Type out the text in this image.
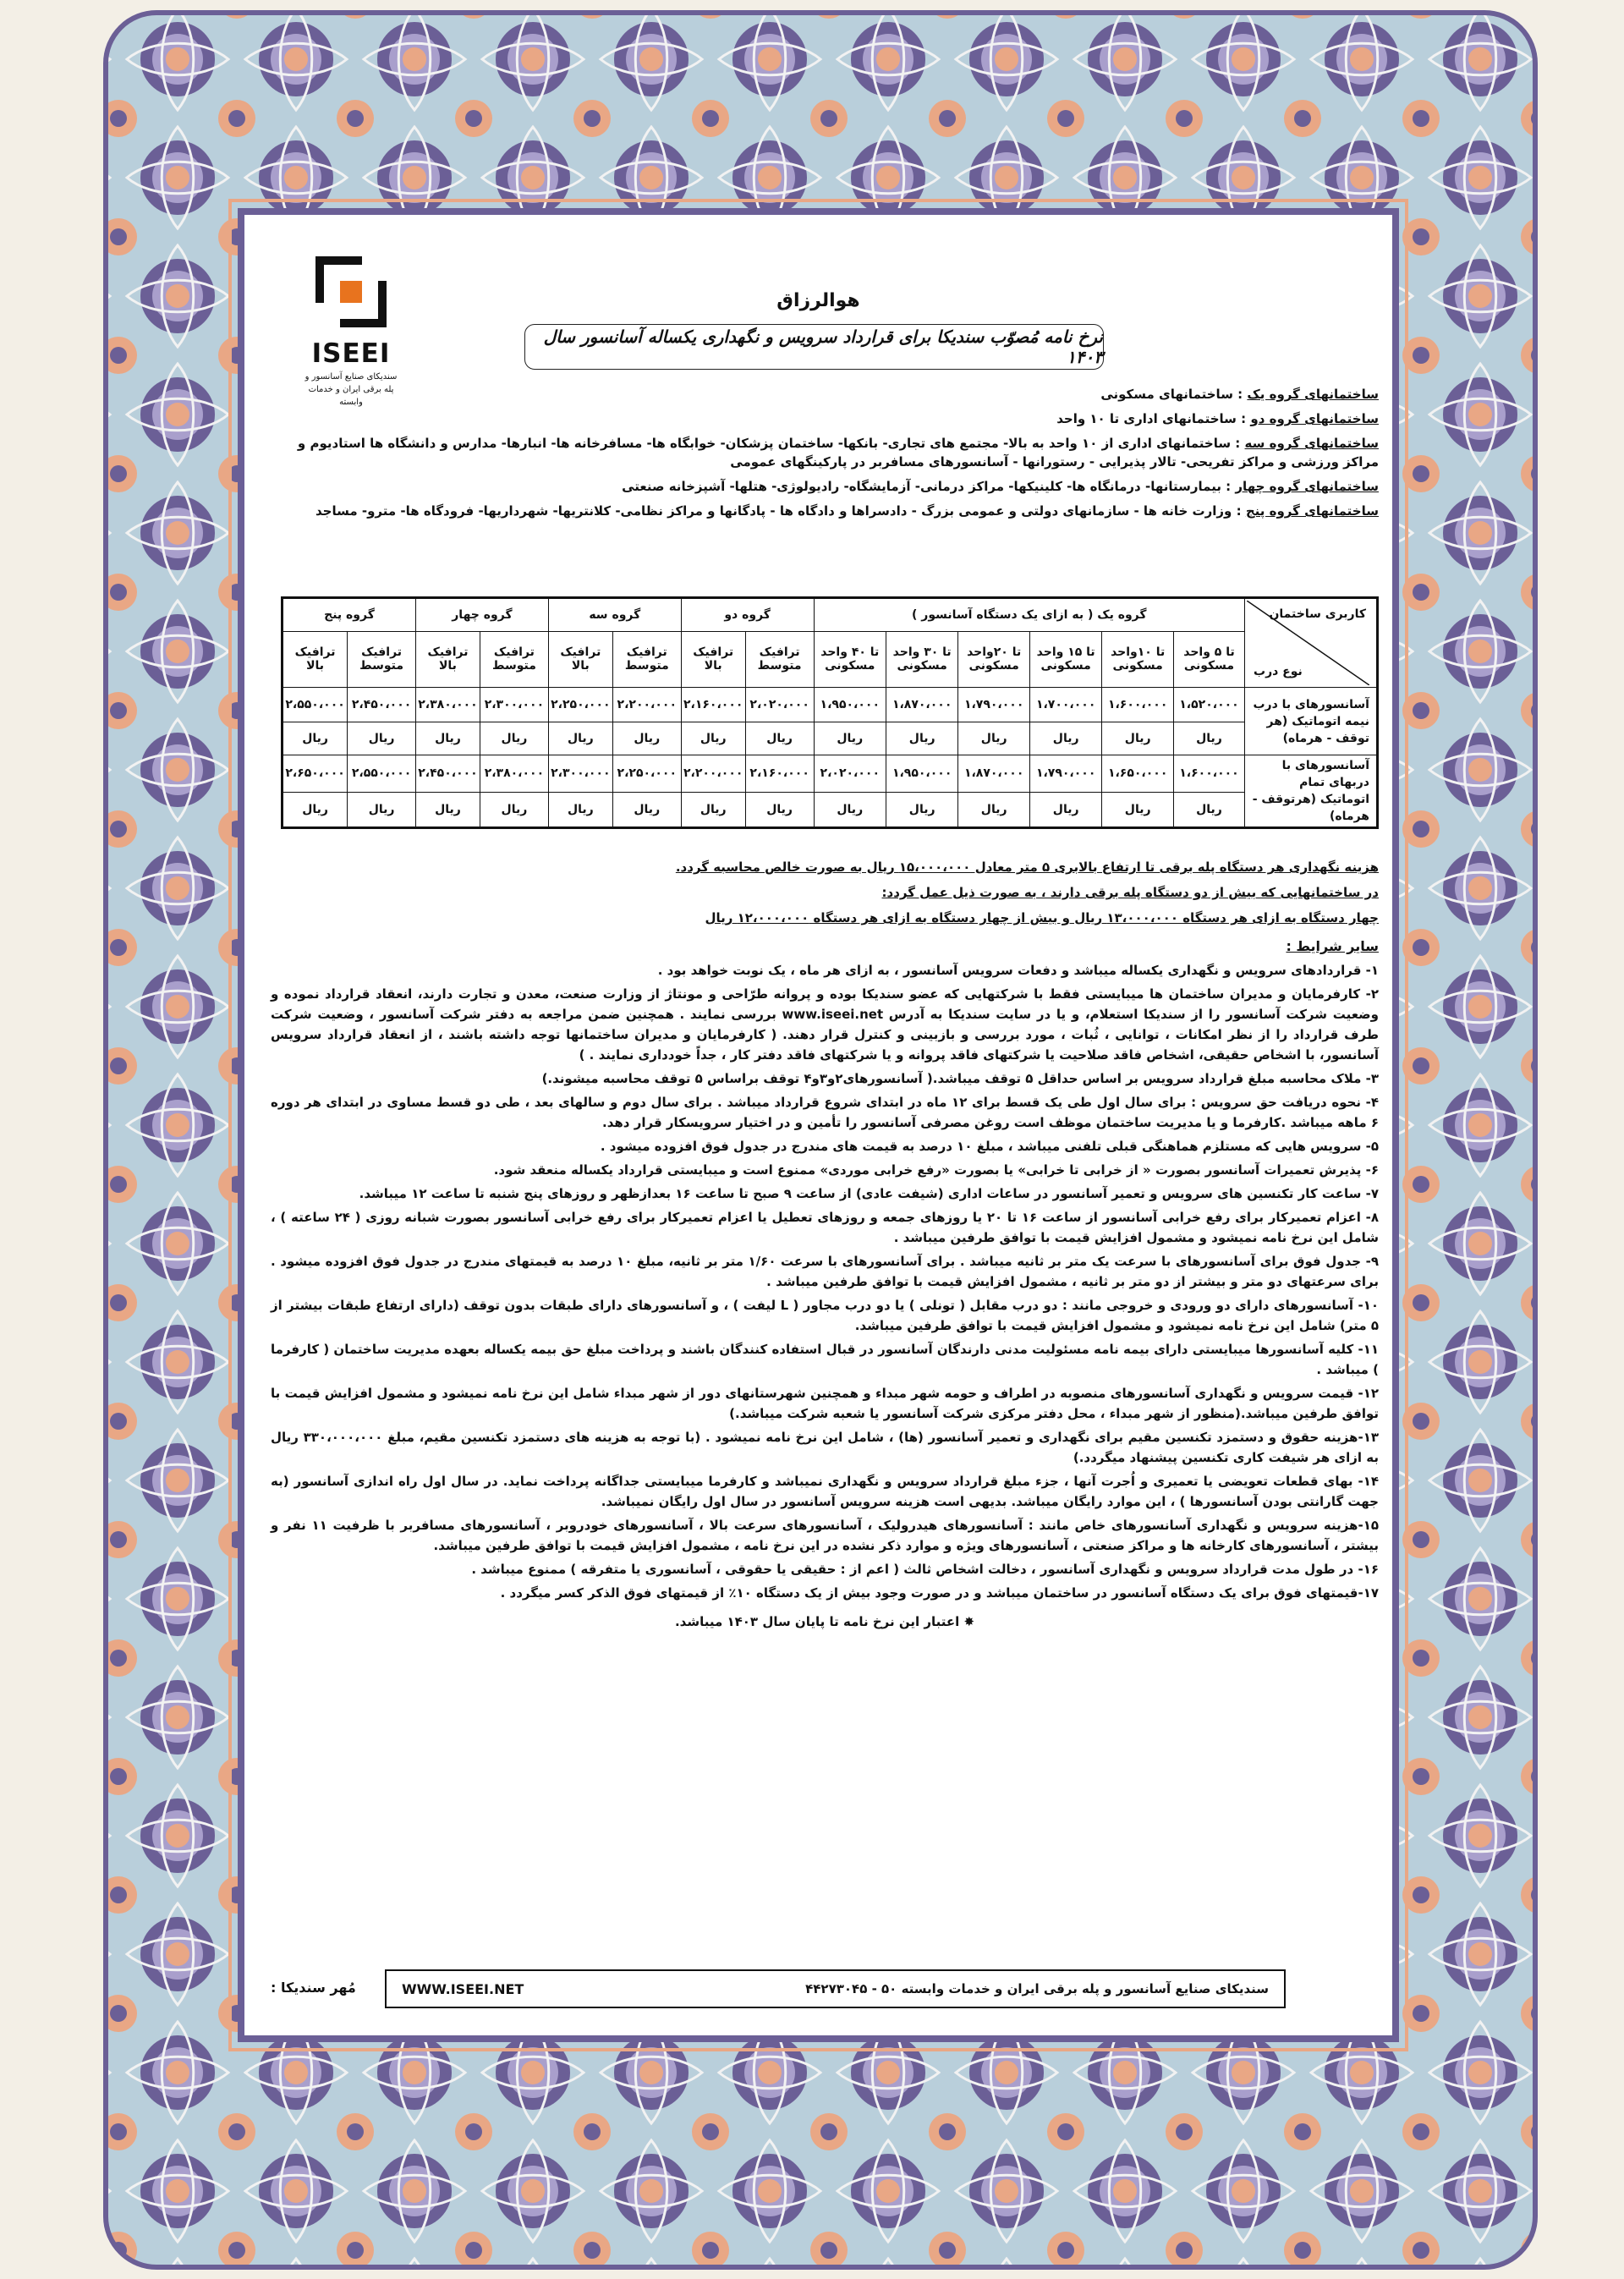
ISEEI
سندیکای صنایع آسانسور و پله برقی ایران و خدمات وابسته
هوالرزاق
نرخ نامه مُصوّب سندیکا برای قرارداد سرویس و نگهداری یکساله آسانسور سال ۱۴۰۳

ساختمانهای گروه یک : ساختمانهای مسکونی

ساختمانهای گروه دو : ساختمانهای اداری تا ۱۰ واحد

ساختمانهای گروه سه : ساختمانهای اداری از ۱۰ واحد به بالا- مجتمع های تجاری- بانکها- ساختمان پزشکان- خوابگاه ها- مسافرخانه ها- انبارها- مدارس و دانشگاه ها استادیوم و مراکز ورزشی و مراکز تفریحی- تالار پذیرایی - رستورانها - آسانسورهای مسافربر در پارکینگهای عمومی

ساختمانهای گروه چهار : بیمارستانها- درمانگاه ها- کلینیکها- مراکز درمانی- آزمایشگاه- رادیولوژی- هتلها- آشپزخانه صنعتی

ساختمانهای گروه پنج : وزارت خانه ها - سازمانهای دولتی و عمومی بزرگ - دادسراها و دادگاه ها - پادگانها و مراکز نظامی- کلانتریها- شهرداریها- فرودگاه ها- مترو- مساجد

کاربری ساختمان
نوع درب	گروه یک ( به ازای یک دستگاه آسانسور )						گروه دو		گروه سه		گروه چهار		گروه پنج	
	تا ۵ واحد مسکونی	تا ۱۰واحد مسکونی	تا ۱۵ واحد مسکونی	تا ۲۰واحد مسکونی	تا ۳۰ واحد مسکونی	تا ۴۰ واحد مسکونی	ترافیک متوسط	ترافیک بالا	ترافیک متوسط	ترافیک بالا	ترافیک متوسط	ترافیک بالا	ترافیک متوسط	ترافیک بالا
آسانسورهای با درب نیمه اتوماتیک (هر توقف - هرماه)	۱،۵۲۰،۰۰۰	۱،۶۰۰،۰۰۰	۱،۷۰۰،۰۰۰	۱،۷۹۰،۰۰۰	۱،۸۷۰،۰۰۰	۱،۹۵۰،۰۰۰	۲،۰۲۰،۰۰۰	۲،۱۶۰،۰۰۰	۲،۲۰۰،۰۰۰	۲،۲۵۰،۰۰۰	۲،۳۰۰،۰۰۰	۲،۳۸۰،۰۰۰	۲،۴۵۰،۰۰۰	۲،۵۵۰،۰۰۰
	ریال	ریال	ریال	ریال	ریال	ریال	ریال	ریال	ریال	ریال	ریال	ریال	ریال	ریال
آسانسورهای با دربهای تمام اتوماتیک (هرتوقف - هرماه)	۱،۶۰۰،۰۰۰	۱،۶۵۰،۰۰۰	۱،۷۹۰،۰۰۰	۱،۸۷۰،۰۰۰	۱،۹۵۰،۰۰۰	۲،۰۲۰،۰۰۰	۲،۱۶۰،۰۰۰	۲،۲۰۰،۰۰۰	۲،۲۵۰،۰۰۰	۲،۳۰۰،۰۰۰	۲،۳۸۰،۰۰۰	۲،۴۵۰،۰۰۰	۲،۵۵۰،۰۰۰	۲،۶۵۰،۰۰۰
	ریال	ریال	ریال	ریال	ریال	ریال	ریال	ریال	ریال	ریال	ریال	ریال	ریال	ریال

هزینه نگهداری هر دستگاه پله برقی تا ارتفاع بالابری ۵ متر معادل ۱۵،۰۰۰،۰۰۰ ریال به صورت خالص محاسبه گردد.

در ساختمانهایی که بیش از دو دستگاه پله برقی دارند ، به صورت ذیل عمل گردد:

چهار دستگاه به ازای هر دستگاه ۱۳،۰۰۰،۰۰۰ ریال و بیش از چهار دستگاه به ازای هر دستگاه ۱۲،۰۰۰،۰۰۰ ریال

سایر شرایط :

۱- قراردادهای سرویس و نگهداری یکساله میباشد و دفعات سرویس آسانسور ، به ازای هر ماه ، یک نوبت خواهد بود .

۲- کارفرمایان و مدیران ساختمان ها میبایستی فقط با شرکتهایی که عضو سندیکا بوده و پروانه طرّاحی و مونتاژ از وزارت صنعت، معدن و تجارت دارند، انعقاد قرارداد نموده و وضعیت شرکت آسانسور را از سندیکا استعلام، و یا در سایت سندیکا به آدرس www.iseei.net بررسی نمایند . همچنین ضمن مراجعه به دفتر شرکت آسانسور ، وضعیت شرکت طرف قرارداد را از نظر امکانات ، توانایی ، ثُبات ، مورد بررسی و بازبینی و کنترل قرار دهند. ( کارفرمایان و مدیران ساختمانها توجه داشته باشند ، از انعقاد قرارداد سرویس آسانسور، با اشخاص حقیقی، اشخاص فاقد صلاحیت یا شرکتهای فاقد پروانه و یا شرکتهای فاقد دفتر کار ، جداً خودداری نمایند . )

۳- ملاک محاسبه مبلغ قرارداد سرویس بر اساس حداقل ۵ توقف میباشد.( آسانسورهای۲و۳و۴ توقف براساس ۵ توقف محاسبه میشوند.)

۴- نحوه دریافت حق سرویس : برای سال اول طی یک قسط برای ۱۲ ماه در ابتدای شروع قرارداد میباشد . برای سال دوم و سالهای بعد ، طی دو قسط مساوی در ابتدای هر دوره ۶ ماهه میباشد .کارفرما و یا مدیریت ساختمان موظف است روغن مصرفی آسانسور را تأمین و در اختیار سرویسکار قرار دهد.

۵- سرویس هایی که مستلزم هماهنگی قبلی تلفنی میباشد ، مبلغ ۱۰ درصد به قیمت های مندرج در جدول فوق افزوده میشود .

۶- پذیرش تعمیرات آسانسور بصورت « از خرابی تا خرابی» یا بصورت «رفع خرابی موردی» ممنوع است و میبایستی قرارداد یکساله منعقد شود.

۷- ساعت کار تکنسین های سرویس و تعمیر آسانسور در ساعات اداری (شیفت عادی) از ساعت ۹ صبح تا ساعت ۱۶ بعدازظهر و روزهای پنج شنبه تا ساعت ۱۲ میباشد.

۸- اعزام تعمیرکار برای رفع خرابی آسانسور از ساعت ۱۶ تا ۲۰ یا روزهای جمعه و روزهای تعطیل یا اعزام تعمیرکار برای رفع خرابی آسانسور بصورت شبانه روزی ( ۲۴ ساعته ) ، شامل این نرخ نامه نمیشود و مشمول افزایش قیمت با توافق طرفین میباشد .

۹- جدول فوق برای آسانسورهای با سرعت یک متر بر ثانیه میباشد . برای آسانسورهای با سرعت ۱/۶۰ متر بر ثانیه، مبلغ ۱۰ درصد به قیمتهای مندرج در جدول فوق افزوده میشود . برای سرعتهای دو متر و بیشتر از دو متر بر ثانیه ، مشمول افزایش قیمت با توافق طرفین میباشد .

۱۰- آسانسورهای دارای دو ورودی و خروجی مانند : دو درب مقابل ( تونلی ) یا دو درب مجاور ( L لیفت ) ، و آسانسورهای دارای طبقات بدون توقف (دارای ارتفاع طبقات بیشتر از ۵ متر) شامل این نرخ نامه نمیشود و مشمول افزایش قیمت با توافق طرفین میباشد.

۱۱- کلیه آسانسورها میبایستی دارای بیمه نامه مسئولیت مدنی دارندگان آسانسور در قبال استفاده کنندگان باشند و پرداخت مبلغ حق بیمه یکساله بعهده مدیریت ساختمان ( کارفرما ) میباشد .

۱۲- قیمت سرویس و نگهداری آسانسورهای منصوبه در اطراف و حومه شهر مبداء و همچنین شهرستانهای دور از شهر مبداء شامل این نرخ نامه نمیشود و مشمول افزایش قیمت با توافق طرفین میباشد.(منظور از شهر مبداء ، محل دفتر مرکزی شرکت آسانسور یا شعبه شرکت میباشد.)

۱۳-هزینه حقوق و دستمزد تکنسین مقیم برای نگهداری و تعمیر آسانسور (ها) ، شامل این نرخ نامه نمیشود . (با توجه به هزینه های دستمزد تکنسین مقیم، مبلغ ۳۳۰،۰۰۰،۰۰۰ ریال به ازای هر شیفت کاری تکنسین پیشنهاد میگردد.)

۱۴- بهای قطعات تعویضی یا تعمیری و اُجرت آنها ، جزء مبلغ قرارداد سرویس و نگهداری نمیباشد و کارفرما میبایستی جداگانه پرداخت نماید. در سال اول راه اندازی آسانسور (به جهت گارانتی بودن آسانسورها ) ، این موارد رایگان میباشد. بدیهی است هزینه سرویس آسانسور در سال اول رایگان نمیباشد.

۱۵-هزینه سرویس و نگهداری آسانسورهای خاص مانند : آسانسورهای هیدرولیک ، آسانسورهای سرعت بالا ، آسانسورهای خودروبر ، آسانسورهای مسافربر با ظرفیت ۱۱ نفر و بیشتر ، آسانسورهای کارخانه ها و مراکز صنعتی ، آسانسورهای ویژه و موارد ذکر نشده در این نرخ نامه ، مشمول افزایش قیمت با توافق طرفین میباشد.

۱۶- در طول مدت قرارداد سرویس و نگهداری آسانسور ، دخالت اشخاص ثالث ( اعم از : حقیقی یا حقوقی ، آسانسوری یا متفرقه ) ممنوع میباشد .

۱۷-قیمتهای فوق برای یک دستگاه آسانسور در ساختمان میباشد و در صورت وجود بیش از یک دستگاه ۱۰٪ از قیمتهای فوق الذکر کسر میگردد .

✸ اعتبار این نرخ نامه تا پایان سال ۱۴۰۳ میباشد.
سندیکای صنایع آسانسور و پله برقی ایران و خدمات وابسته ۵۰ - ۴۴۲۷۳۰۴۵
WWW.ISEEI.NET
مُهر سندیکا :
